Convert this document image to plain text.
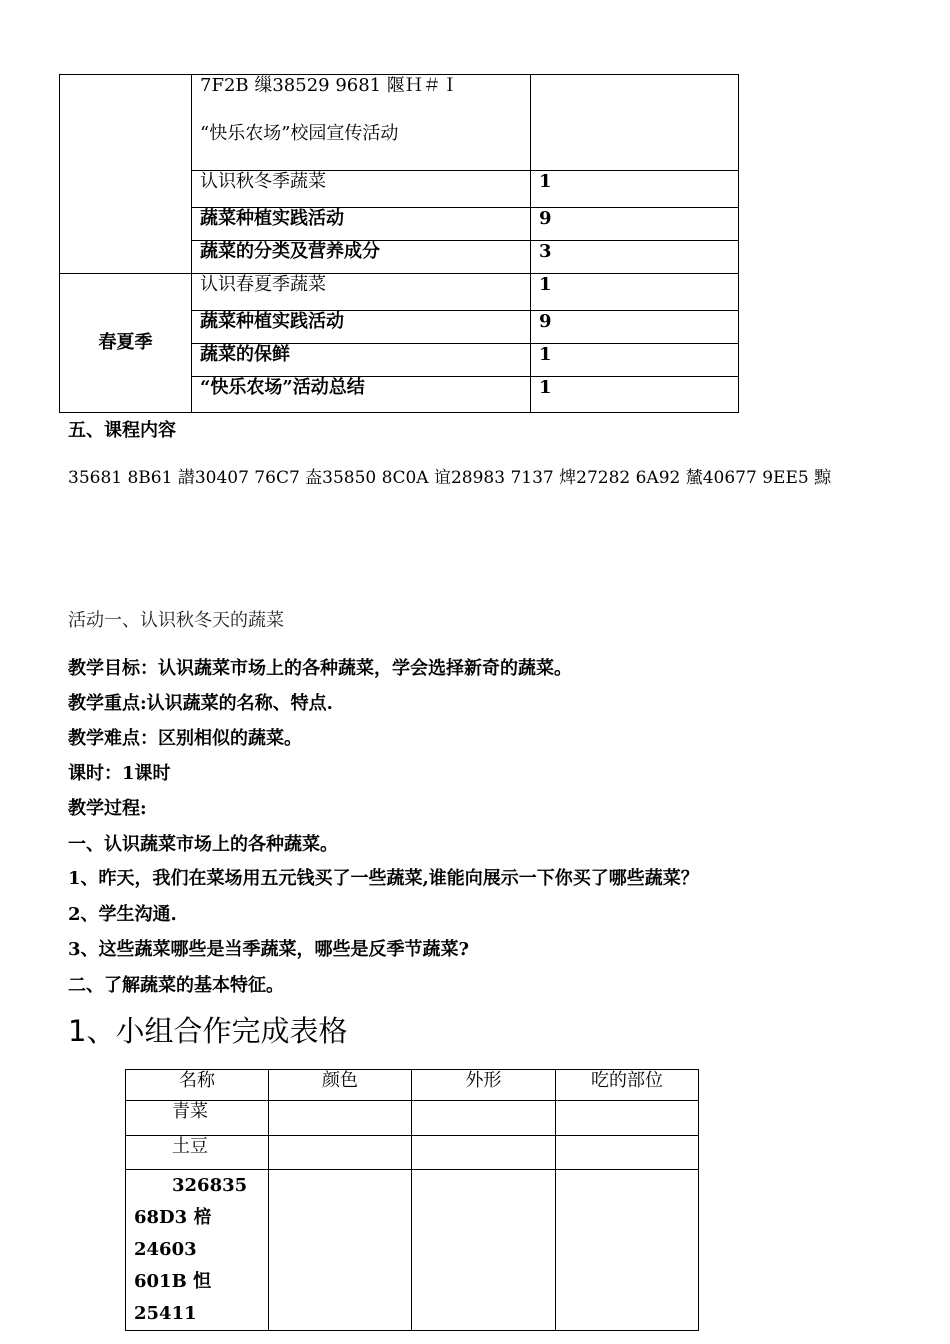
	7F2B 缫38529 9681 隁Ｈ＃Ｉ
“快乐农场”校园宣传活动	

	认识秋冬季蔬菜	1
	蔬菜种植实践活动	9
	蔬菜的分类及营养成分	3
春夏季	认识春夏季蔬菜	1
	蔬菜种植实践活动	9
	蔬菜的保鲜	1
	“快乐农场”活动总结	1
五、课程内容
35681 8B61 譛30407 76C7 盇35850 8C0A 谊28983 7137 焷27282 6A92 檒40677 9EE5 黥
活动一、认识秋冬天的蔬菜
教学目标：认识蔬菜市场上的各种蔬菜，学会选择新奇的蔬菜。
教学重点:认识蔬菜的名称、特点.
教学难点：区别相似的蔬菜。
课时：1课时
教学过程:
一、认识蔬菜市场上的各种蔬菜。
1、昨天，我们在菜场用五元钱买了一些蔬菜,谁能向展示一下你买了哪些蔬菜？
2、学生沟通.
3、这些蔬菜哪些是当季蔬菜，哪些是反季节蔬菜?
二、了解蔬菜的基本特征。
1、小组合作完成表格
名称	颜色	外形	吃的部位
青菜			
土豆			

326835
68D3 棓 24603
601B 怛 25411			
